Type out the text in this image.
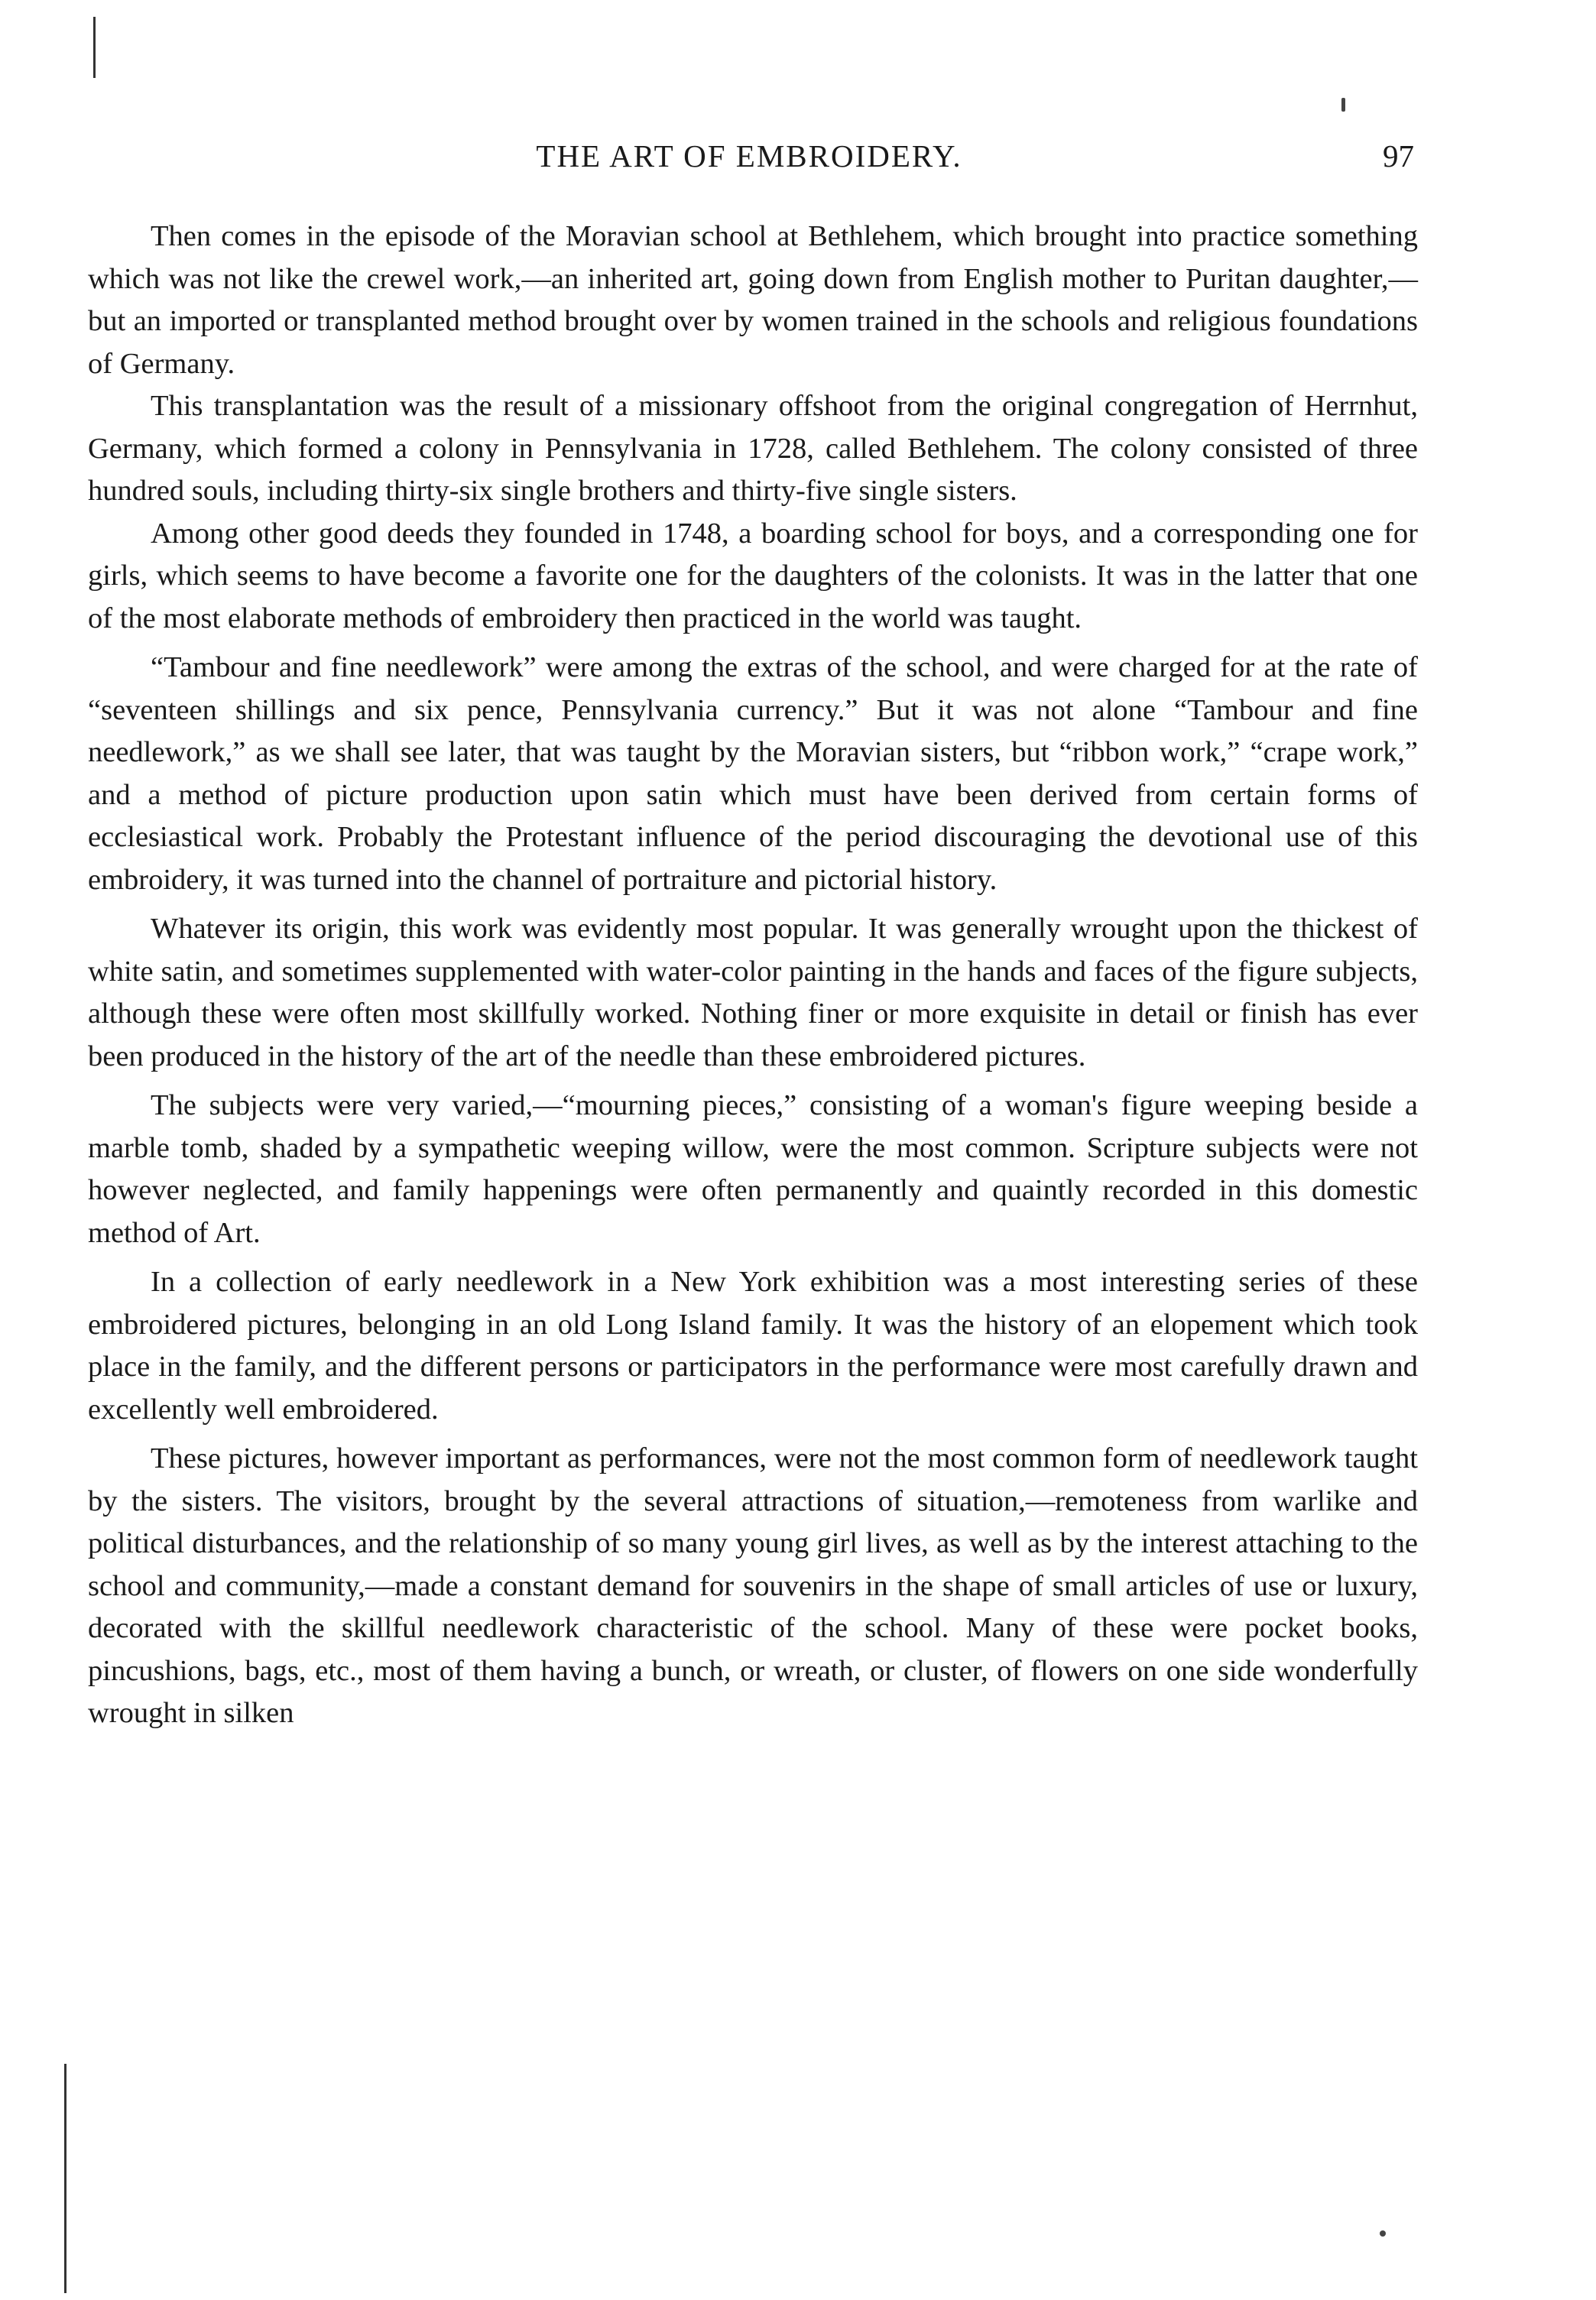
THE ART OF EMBROIDERY.	97

Then comes in the episode of the Moravian school at Bethlehem, which brought into practice something which was not like the crewel work,—an inherited art, going down from English mother to Puritan daughter,—but an imported or transplanted method brought over by women trained in the schools and religious foundations of Germany.

This transplantation was the result of a missionary offshoot from the original congregation of Herrnhut, Germany, which formed a colony in Pennsylvania in 1728, called Bethlehem. The colony consisted of three hundred souls, including thirty-six single brothers and thirty-five single sisters.

Among other good deeds they founded in 1748, a boarding school for boys, and a corresponding one for girls, which seems to have become a favorite one for the daughters of the colonists. It was in the latter that one of the most elaborate methods of embroidery then practiced in the world was taught.

“Tambour and fine needlework” were among the extras of the school, and were charged for at the rate of “seventeen shillings and six pence, Pennsylvania currency.” But it was not alone “Tambour and fine needlework,” as we shall see later, that was taught by the Moravian sisters, but “ribbon work,” “crape work,” and a method of picture production upon satin which must have been derived from certain forms of ecclesiastical work. Probably the Protestant influence of the period discouraging the devotional use of this embroidery, it was turned into the channel of portraiture and pictorial history.

Whatever its origin, this work was evidently most popular. It was generally wrought upon the thickest of white satin, and sometimes supplemented with water-color painting in the hands and faces of the figure subjects, although these were often most skillfully worked. Nothing finer or more exquisite in detail or finish has ever been produced in the history of the art of the needle than these embroidered pictures.

The subjects were very varied,—“mourning pieces,” consisting of a woman's figure weeping beside a marble tomb, shaded by a sympathetic weeping willow, were the most common. Scripture subjects were not however neglected, and family happenings were often permanently and quaintly recorded in this domestic method of Art.

In a collection of early needlework in a New York exhibition was a most interesting series of these embroidered pictures, belonging in an old Long Island family. It was the history of an elopement which took place in the family, and the different persons or participators in the performance were most carefully drawn and excellently well embroidered.

These pictures, however important as performances, were not the most common form of needlework taught by the sisters. The visitors, brought by the several attractions of situation,—remoteness from warlike and political disturbances, and the relationship of so many young girl lives, as well as by the interest attaching to the school and community,—made a constant demand for souvenirs in the shape of small articles of use or luxury, decorated with the skillful needlework characteristic of the school. Many of these were pocket books, pincushions, bags, etc., most of them having a bunch, or wreath, or cluster, of flowers on one side wonderfully wrought in silken
